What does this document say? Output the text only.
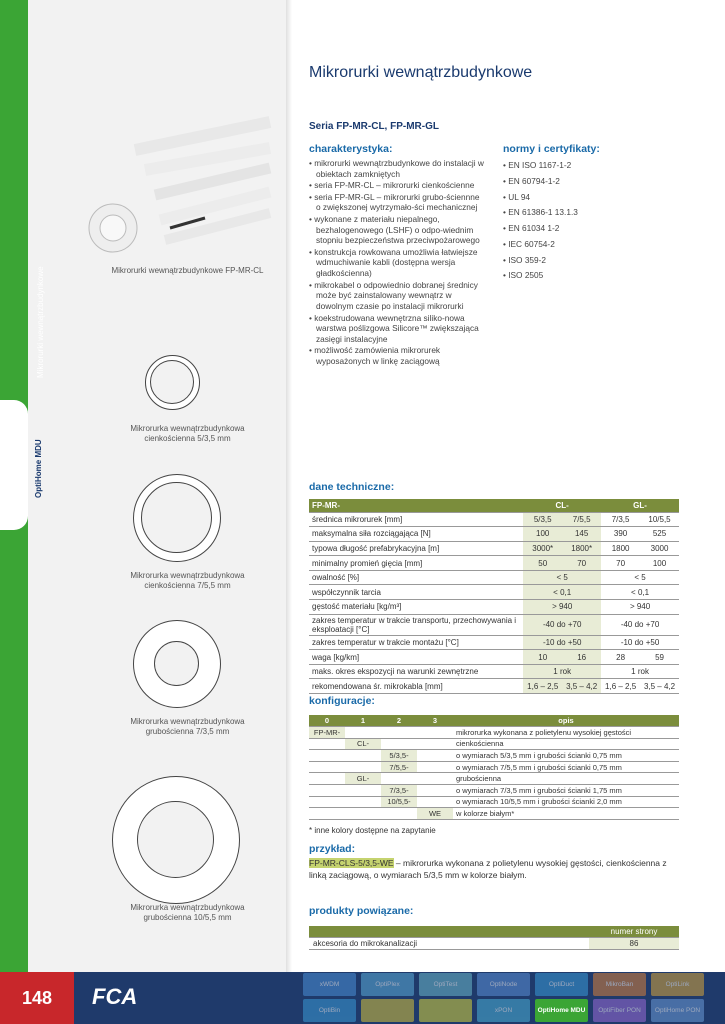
Mikrorurki wewnątrzbudynkowe
OptiHome MDU
Mikrorurki wewnątrzbudynkowe FP-MR-CL
Mikrorurka wewnątrzbudynkowa
cienkościenna 5/3,5 mm
Mikrorurka wewnątrzbudynkowa
cienkościenna 7/5,5 mm
Mikrorurka wewnątrzbudynkowa
grubościenna 7/3,5 mm
Mikrorurka wewnątrzbudynkowa
grubościenna 10/5,5 mm
Mikrorurki wewnątrzbudynkowe
Seria FP-MR-CL, FP-MR-GL
charakterystyka:
• mikrorurki wewnątrzbudynkowe do instalacji w obiektach zamkniętych
• seria FP-MR-CL – mikrorurki cienkościenne
• seria FP-MR-GL – mikrorurki grubo-ściennne o zwiększonej wytrzymało-ści mechanicznej
• wykonane z materiału niepalnego, bezhalogenowego (LSHF) o odpo-wiednim stopniu bezpieczeństwa przeciwpożarowego
• konstrukcja rowkowana umożliwia łatwiejsze wdmuchiwanie kabli (dostępna wersja gładkościenna)
• mikrokabel o odpowiednio dobranej średnicy może być zainstalowany wewnątrz w dowolnym czasie po instalacji mikrorurki
• koekstrudowana wewnętrzna siliko-nowa warstwa poślizgowa Silicore™ zwiększająca zasięgi instalacyjne
• możliwość zamówienia mikrorurek wyposażonych w linkę zaciągową
normy i certyfikaty:
• EN ISO 1167-1-2
• EN 60794-1-2
• UL 94
• EN 61386-1 13.1.3
• EN 61034 1-2
• IEC 60754-2
• ISO 359-2
• ISO 2505
dane techniczne:
FP-MR-	CL-		GL-	
średnica mikrorurek [mm]	5/3,5	7/5,5	7/3,5	10/5,5
maksymalna siła rozciągająca [N]	100	145	390	525
typowa długość prefabrykacyjna [m]	3000*	1800*	1800	3000
minimalny promień gięcia [mm]	50	70	70	100
owalność [%]	< 5		< 5	
współczynnik tarcia	< 0,1		< 0,1	
gęstość materiału [kg/m³]	> 940		> 940	
zakres temperatur w trakcie transportu, przechowywania i eksploatacji [°C]	-40 do +70		-40 do +70	
zakres temperatur w trakcie montażu [°C]	-10 do +50		-10 do +50	
waga [kg/km]	10	16	28	59
maks. okres ekspozycji na warunki zewnętrzne	1 rok		1 rok	
rekomendowana śr. mikrokabla [mm]	1,6 – 2,5	3,5 – 4,2	1,6 – 2,5	3,5 – 4,2
konfiguracje:
0	1	2	3	opis
FP-MR-				mikrorurka wykonana z polietylenu wysokiej gęstości
	CL-			cienkościenna
		5/3,5-		o wymiarach 5/3,5 mm i grubości ścianki 0,75 mm
		7/5,5-		o wymiarach 7/5,5 mm i grubości ścianki 0,75 mm
	GL-			grubościenna
		7/3,5-		o wymiarach 7/3,5 mm i grubości ścianki 1,75 mm
		10/5,5-		o wymiarach 10/5,5 mm i grubości ścianki 2,0 mm
			WE	w kolorze białym*
* inne kolory dostępne na zapytanie
przykład:
FP-MR-CLS-5/3,5-WE – mikrorurka wykonana z polietylenu wysokiej gęstości, cienkościenna z linką zaciągową, o wymiarach 5/3,5 mm w kolorze białym.
produkty powiązane:
	numer strony
akcesoria do mikrokanalizacji	86
148	FCA	xWDM	OptiPlex	OptiTest	OptiNode	OptiDuct	MikroBan	OptiLink
OptiBin	xPON	OptiHome MDU	OptiFiber PON	OptiHome PON
